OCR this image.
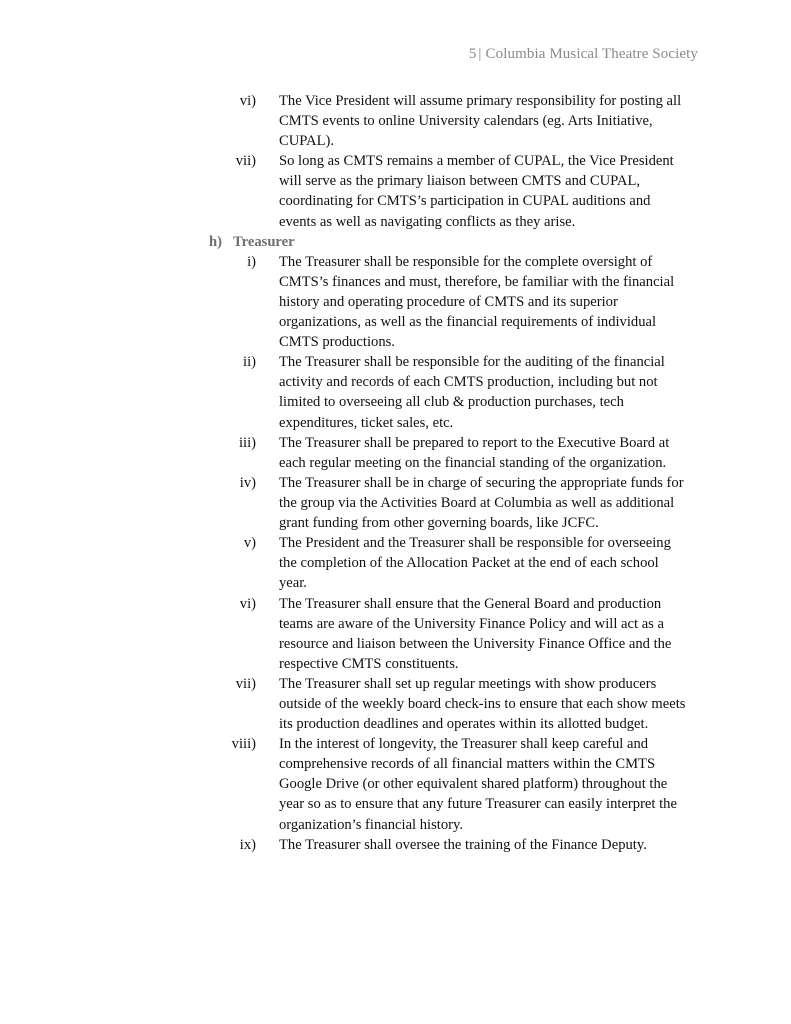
5 | Columbia Musical Theatre Society
vi) The Vice President will assume primary responsibility for posting all
CMTS events to online University calendars (eg. Arts Initiative,
CUPAL).
vii) So long as CMTS remains a member of CUPAL, the Vice President
will serve as the primary liaison between CMTS and CUPAL,
coordinating for CMTS’s participation in CUPAL auditions and
events as well as navigating conflicts as they arise.
h) Treasurer
i) The Treasurer shall be responsible for the complete oversight of
CMTS’s finances and must, therefore, be familiar with the financial
history and operating procedure of CMTS and its superior
organizations, as well as the financial requirements of individual
CMTS productions.
ii) The Treasurer shall be responsible for the auditing of the financial
activity and records of each CMTS production, including but not
limited to overseeing all club & production purchases, tech
expenditures, ticket sales, etc.
iii) The Treasurer shall be prepared to report to the Executive Board at
each regular meeting on the financial standing of the organization.
iv) The Treasurer shall be in charge of securing the appropriate funds for
the group via the Activities Board at Columbia as well as additional
grant funding from other governing boards, like JCFC.
v) The President and the Treasurer shall be responsible for overseeing
the completion of the Allocation Packet at the end of each school
year.
vi) The Treasurer shall ensure that the General Board and production
teams are aware of the University Finance Policy and will act as a
resource and liaison between the University Finance Office and the
respective CMTS constituents.
vii) The Treasurer shall set up regular meetings with show producers
outside of the weekly board check-ins to ensure that each show meets
its production deadlines and operates within its allotted budget.
viii) In the interest of longevity, the Treasurer shall keep careful and
comprehensive records of all financial matters within the CMTS
Google Drive (or other equivalent shared platform) throughout the
year so as to ensure that any future Treasurer can easily interpret the
organization’s financial history.
ix) The Treasurer shall oversee the training of the Finance Deputy.
